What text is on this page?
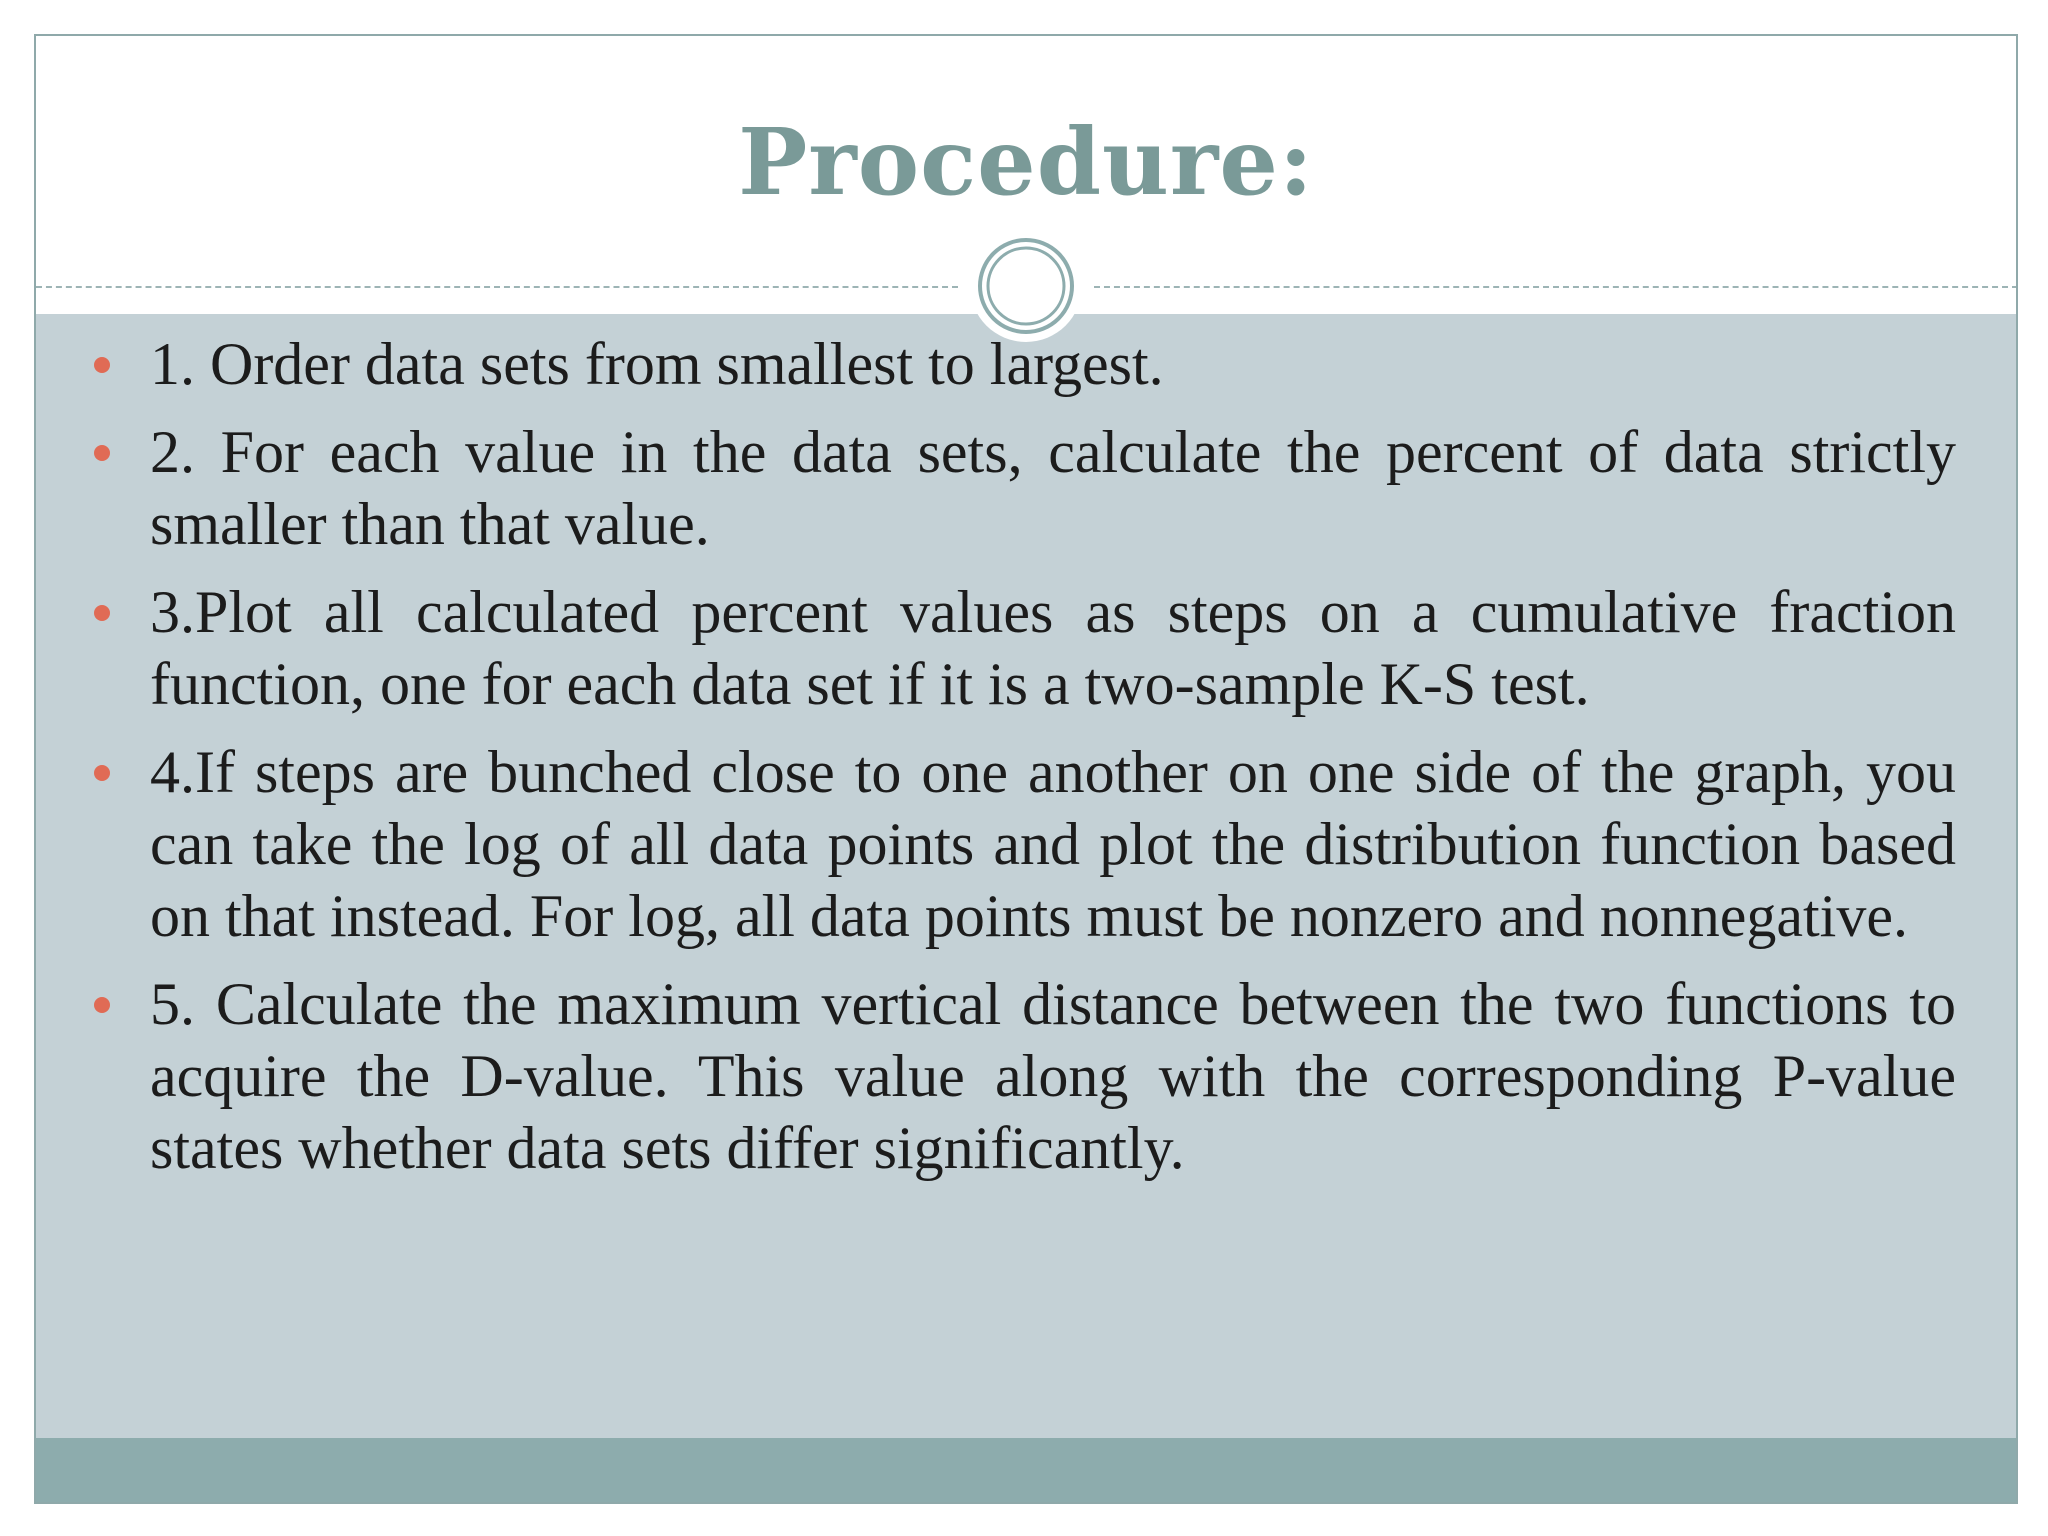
Procedure:
1. Order data sets from smallest to largest.
2. For each value in the data sets, calculate the percent of data strictly smaller than that value.
3.Plot all calculated percent values as steps on a cumulative fraction function, one for each data set if it is a two-sample K-S test.
4.If steps are bunched close to one another on one side of the graph, you can take the log of all data points and plot the distribution function based on that instead. For log, all data points must be nonzero and nonnegative.
5. Calculate the maximum vertical distance between the two functions to acquire the D-value. This value along with the corresponding P-value states whether data sets differ significantly.
